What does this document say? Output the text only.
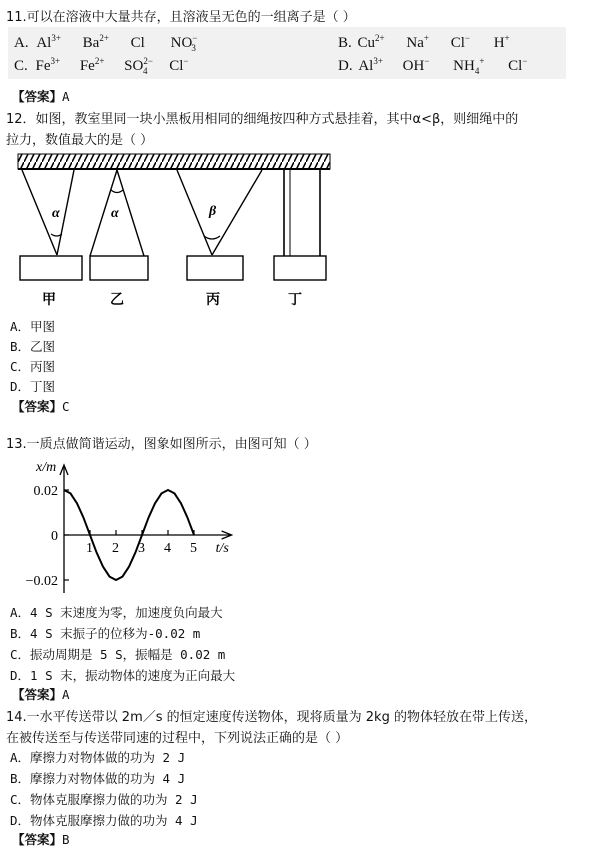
11.可以在溶液中大量共存，且溶液呈无色的一组离子是（ ）
A. $Al^{3+}$ $Ba^{2+}$ Cl $NO^-_3$	B. $Cu^{2+}$ Na+ Cl− H+
C. $Fe^{3+}$ $Fe^{2+}$ $SO^{2-}_4$ Cl−	D. $Al^{3+}$ OH− $NH_4^+$ Cl−
【答案】A
12．如图，教室里同一块小黑板用相同的细绳按四种方式悬挂着，其中α<β，则细绳中的
拉力，数值最大的是（ ）
α	α	β
甲	乙	丙	丁
A．甲图
B．乙图
C．丙图
D．丁图
【答案】C
13.一质点做简谐运动，图象如图所示，由图可知（ ）
1 2 3 4 5
0.02
0
−0.02
x/m
t/s
A．4 S 末速度为零，加速度负向最大
B．4 S 末振子的位移为-0.02 m
C．振动周期是 5 S，振幅是 0.02 m
D．1 S 末，振动物体的速度为正向最大
【答案】A
14.一水平传送带以 2m／s 的恒定速度传送物体，现将质量为 2kg 的物体轻放在带上传送，
在被传送至与传送带同速的过程中，下列说法正确的是（ ）
A．摩擦力对物体做的功为 2 J
B．摩擦力对物体做的功为 4 J
C．物体克服摩擦力做的功为 2 J
D．物体克服摩擦力做的功为 4 J
【答案】B
